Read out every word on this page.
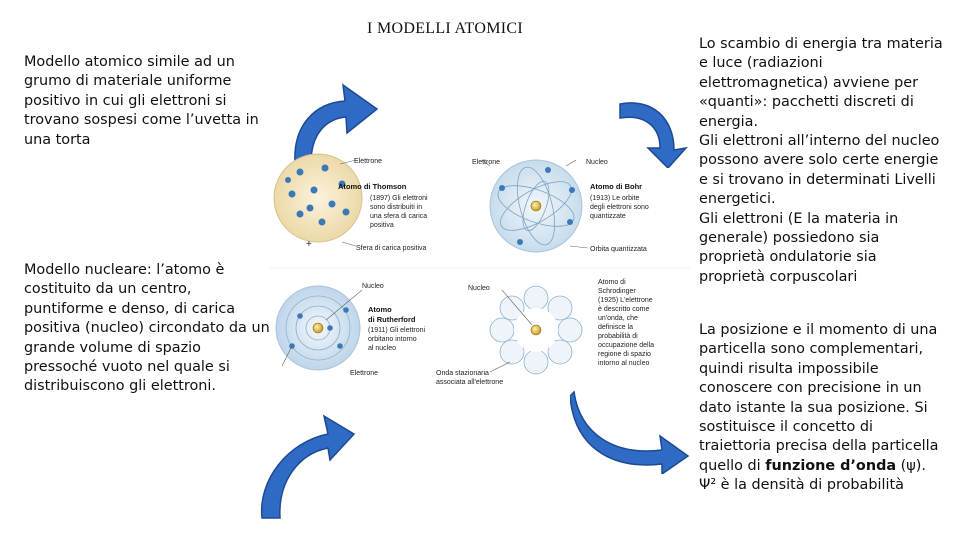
I MODELLI ATOMICI
Modello atomico simile ad un grumo di materiale uniforme positivo in cui gli elettroni si trovano sospesi come l’uvetta in una torta
Modello nucleare: l’atomo è costituito da un centro, puntiforme e denso, di carica positiva (nucleo) circondato da un grande volume di spazio pressoché vuoto nel quale si distribuiscono gli elettroni.

Lo scambio di energia tra materia e luce (radiazioni elettromagnetica) avviene per «quanti»: pacchetti discreti di energia.

Gli elettroni all’interno del nucleo possono avere solo certe energie e si trovano in determinati Livelli energetici.

Gli elettroni (E la materia in generale) possiedono sia proprietà ondulatorie sia proprietà corpuscolari

La posizione e il momento di una particella sono complementari, quindi risulta impossibile conoscere con precisione in un dato istante la sua posizione. Si sostituisce il concetto di traiettoria precisa della particella quello di funzione d’onda (ψ).

Ψ² è la densità di probabilità

+
Elettrone
Atomo di Thomson
(1897) Gli elettroni sono distribuiti in una sfera di carica positiva
Sfera di carica positiva
Elettrone	Nucleo
Atomo di Bohr
(1913) Le orbite degli elettroni sono quantizzate
Orbita quantizzata
Nucleo
Atomo di Rutherford
(1911) Gli elettroni orbitano intorno al nucleo
Elettrone
Nucleo
Atomo di Schrodinger
(1925) L'elettrone è descritto come un'onda, che definisce la probabilità di occupazione della regione di spazio intorno al nucleo
Onda stazionaria associata all'elettrone
